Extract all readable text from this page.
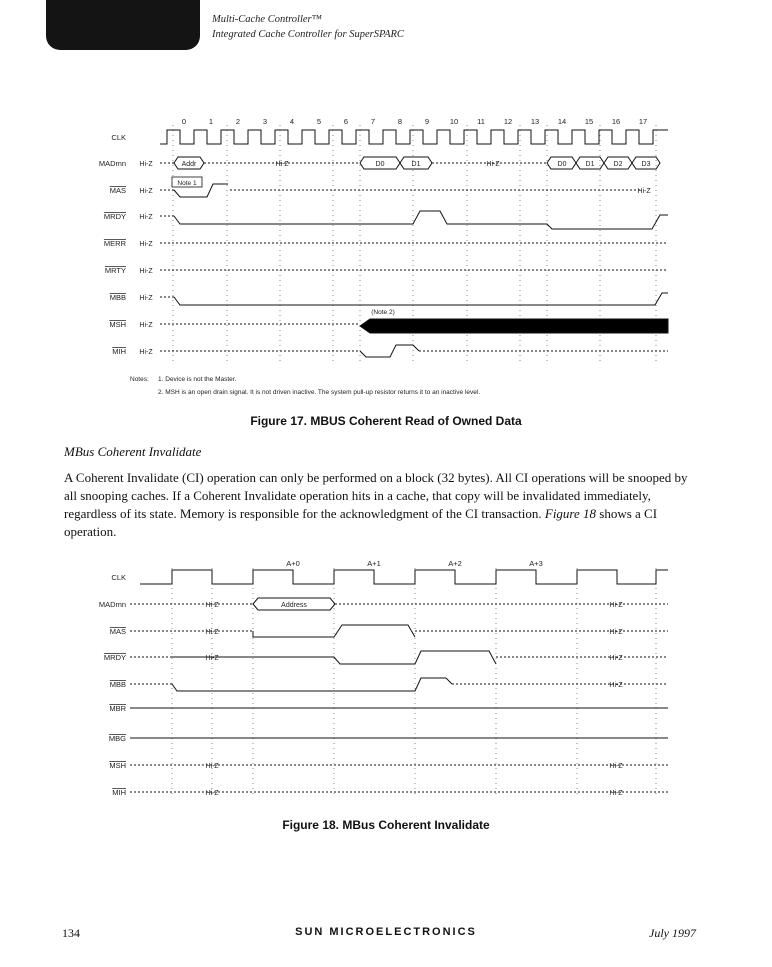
Multi-Cache Controller™
Integrated Cache Controller for SuperSPARC
0	1	2	3	4	5	6	7	8	9	10	11	12 13 14 15 16 17
CLK
MADmn
MAS
MRDY
MERR
MRTY
MBB
MSH
MIH
Hi-Z
Hi-Z
Hi-Z
Hi-Z
Hi-Z
Hi-Z
Hi-Z
Hi-Z
Hi-Z	Hi-Z
Hi-Z
Addr	D0	D1	D0	D1	D2	D3
Note 1
(Note 2)
Notes: 1. Device is not the Master.
2. MSH is an open drain signal. It is not driven inactive. The system pull-up resistor returns it to an inactive level.
Figure 17. MBUS Coherent Read of Owned Data
MBus Coherent Invalidate
A Coherent Invalidate (CI) operation can only be performed on a block (32 bytes). All CI operations will be snooped by all snooping caches. If a Coherent Invalidate operation hits in a cache, that copy will be invalidated immediately, regardless of its state. Memory is responsible for the acknowledgment of the CI transaction. Figure 18 shows a CI operation.
A+0	A+1	A+2	A+3
CLK
MADmn
MAS
MRDY
MBB
MBR
MBG
MSH
MIH
Hi-Z
Hi-Z
Hi-Z
Hi-Z
Hi-Z
Hi-Z
Hi-Z
Hi-Z
Hi-Z
Hi-Z
Hi-Z
Address
Figure 18. MBus Coherent Invalidate
134	SUN MICROELECTRONICS	July 1997
